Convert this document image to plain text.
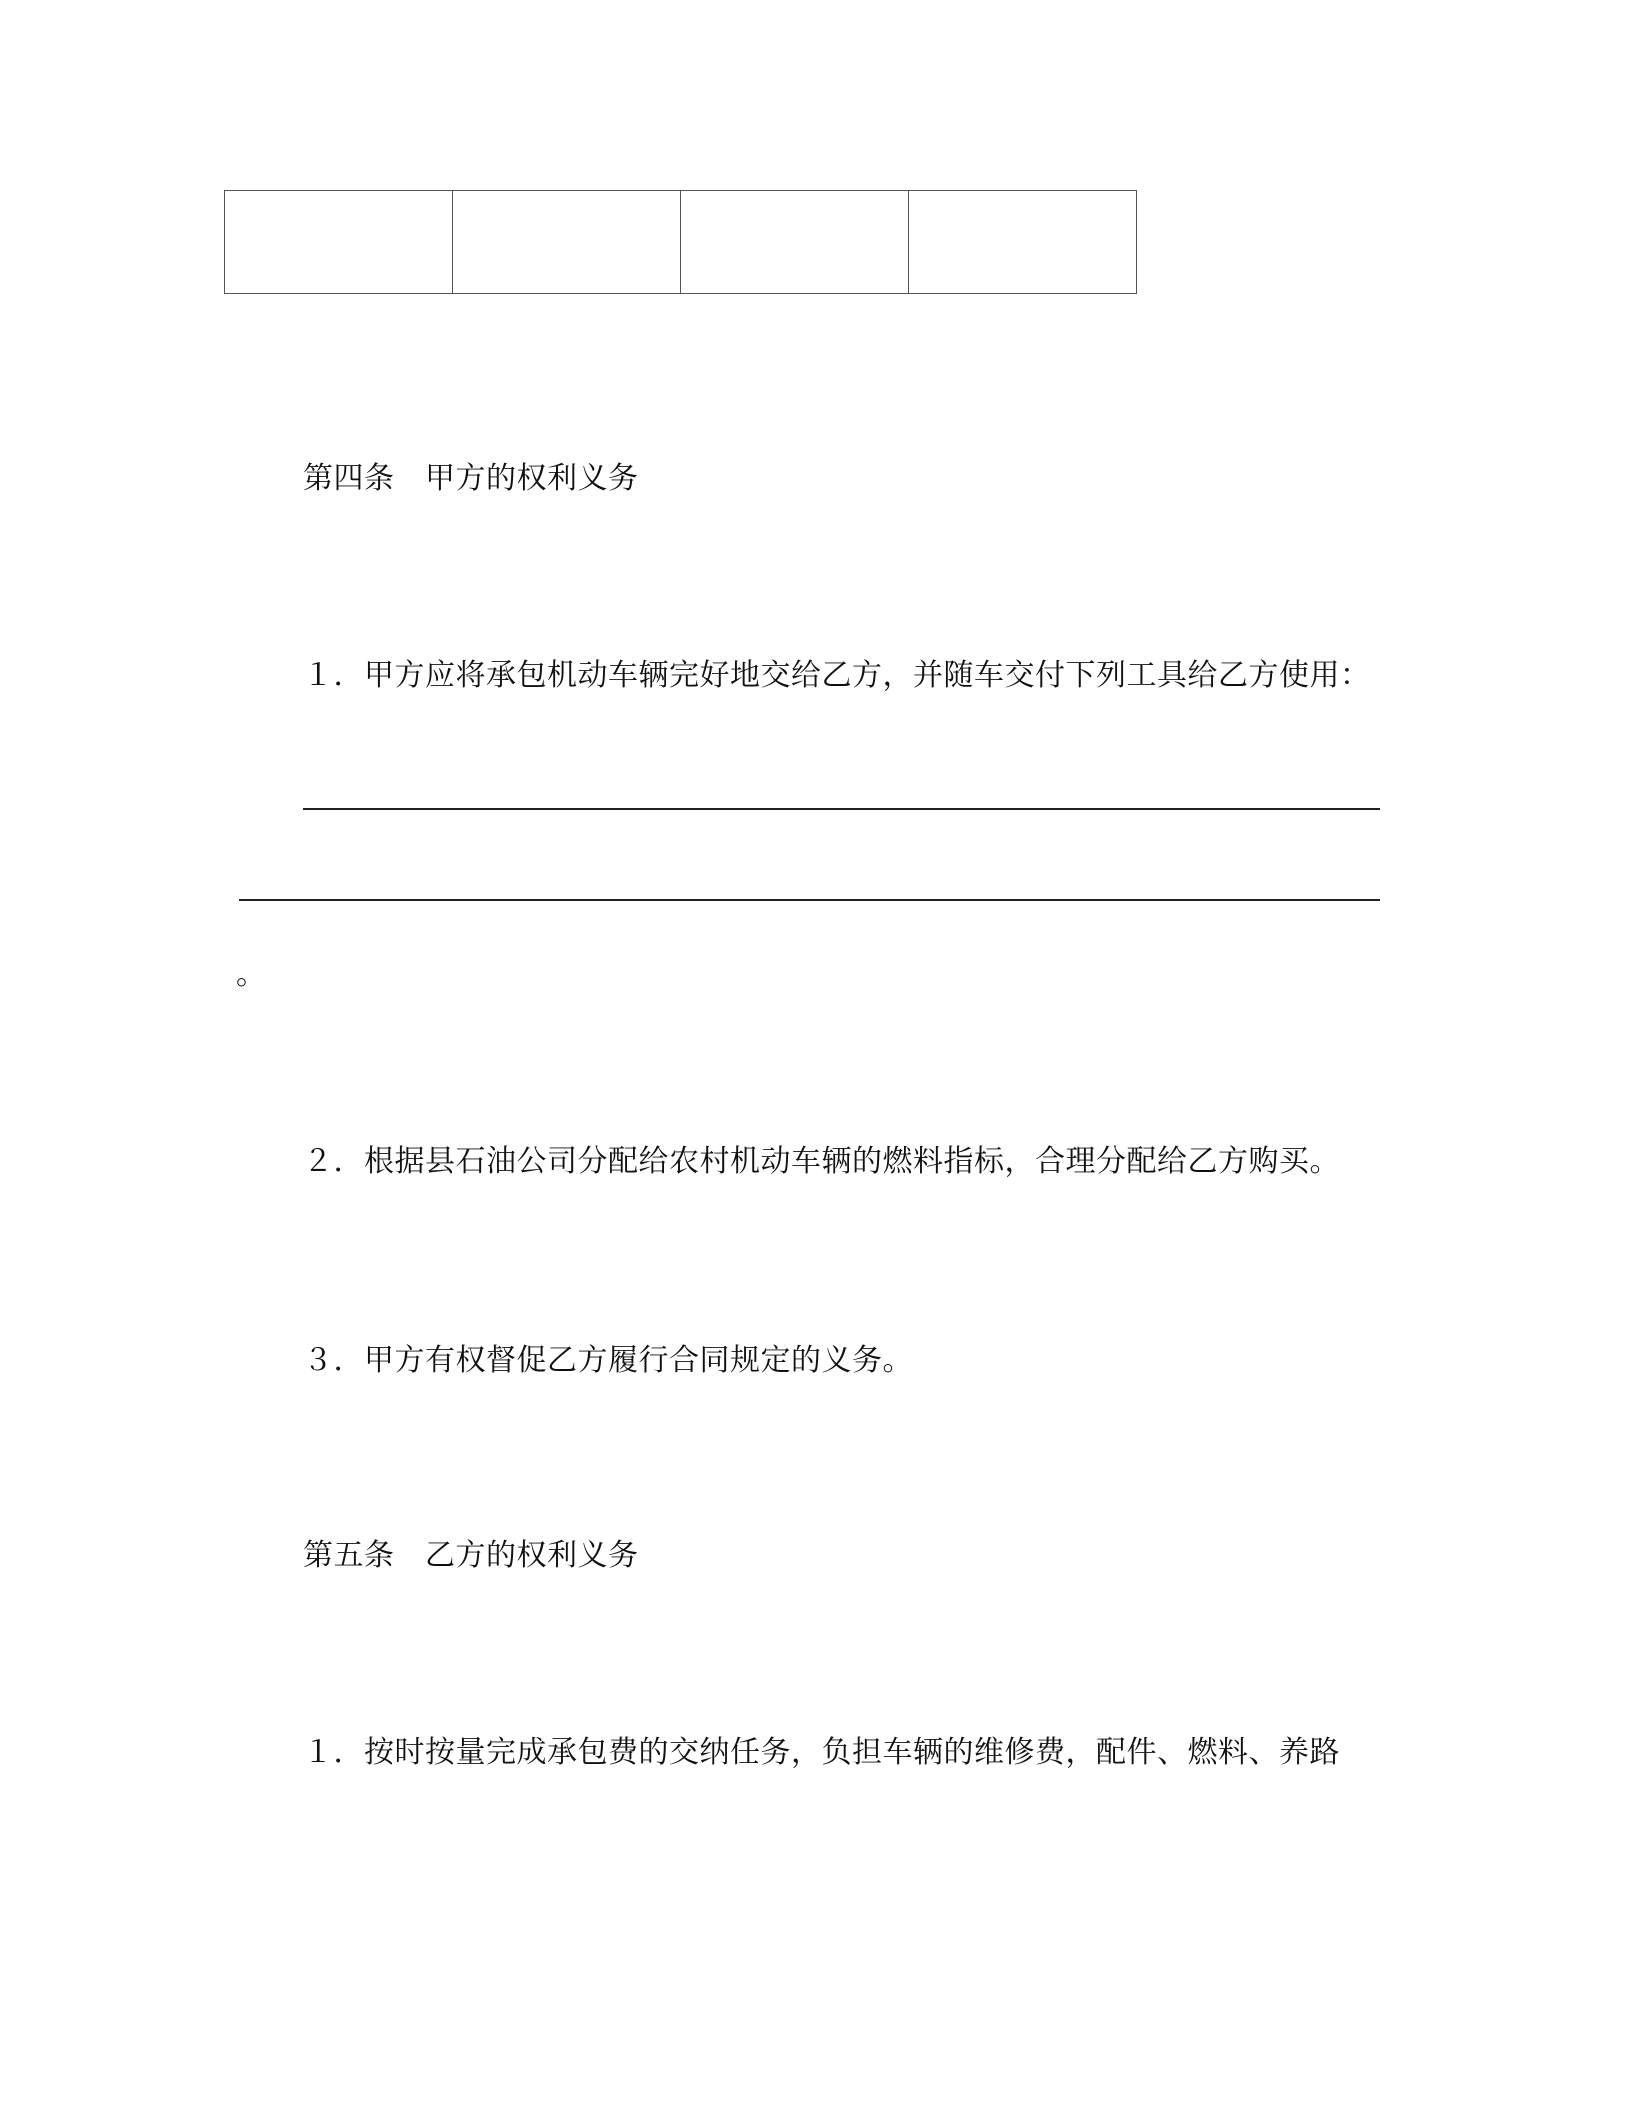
第四条　甲方的权利义务
１．甲方应将承包机动车辆完好地交给乙方，并随车交付下列工具给乙方使用：
。
２．根据县石油公司分配给农村机动车辆的燃料指标，合理分配给乙方购买。
３．甲方有权督促乙方履行合同规定的义务。
第五条　乙方的权利义务
１．按时按量完成承包费的交纳任务，负担车辆的维修费，配件、燃料、养路
